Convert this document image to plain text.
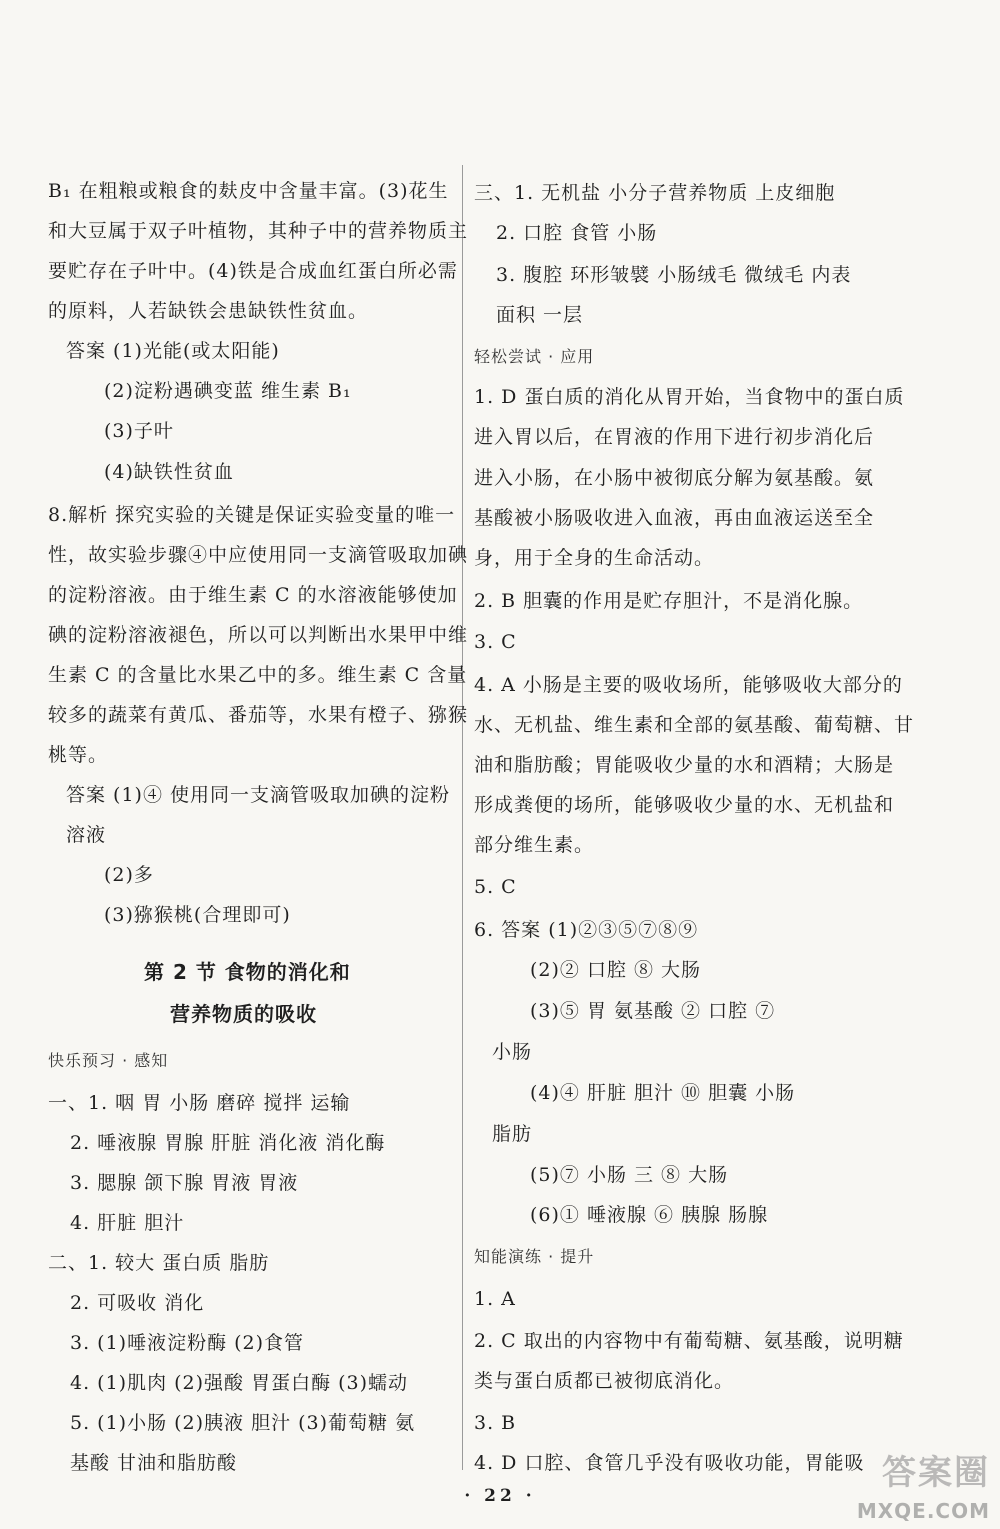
B₁ 在粗粮或粮食的麸皮中含量丰富。(3)花生
和大豆属于双子叶植物，其种子中的营养物质主
要贮存在子叶中。(4)铁是合成血红蛋白所必需
的原料，人若缺铁会患缺铁性贫血。
答案 (1)光能(或太阳能)
(2)淀粉遇碘变蓝 维生素 B₁
(3)子叶
(4)缺铁性贫血
8.解析 探究实验的关键是保证实验变量的唯一
性，故实验步骤④中应使用同一支滴管吸取加碘
的淀粉溶液。由于维生素 C 的水溶液能够使加
碘的淀粉溶液褪色，所以可以判断出水果甲中维
生素 C 的含量比水果乙中的多。维生素 C 含量
较多的蔬菜有黄瓜、番茄等，水果有橙子、猕猴
桃等。
答案 (1)④ 使用同一支滴管吸取加碘的淀粉
溶液
(2)多
(3)猕猴桃(合理即可)
第 2 节 食物的消化和
营养物质的吸收
快乐预习 · 感知
一、1. 咽 胃 小肠 磨碎 搅拌 运输
2. 唾液腺 胃腺 肝脏 消化液 消化酶
3. 腮腺 颌下腺 胃液 胃液
4. 肝脏 胆汁
二、1. 较大 蛋白质 脂肪
2. 可吸收 消化
3. (1)唾液淀粉酶 (2)食管
4. (1)肌肉 (2)强酸 胃蛋白酶 (3)蠕动
5. (1)小肠 (2)胰液 胆汁 (3)葡萄糖 氨
基酸 甘油和脂肪酸
三、1. 无机盐 小分子营养物质 上皮细胞
2. 口腔 食管 小肠
3. 腹腔 环形皱襞 小肠绒毛 微绒毛 内表
面积 一层
轻松尝试 · 应用
1. D 蛋白质的消化从胃开始，当食物中的蛋白质
进入胃以后，在胃液的作用下进行初步消化后
进入小肠，在小肠中被彻底分解为氨基酸。氨
基酸被小肠吸收进入血液，再由血液运送至全
身，用于全身的生命活动。
2. B 胆囊的作用是贮存胆汁，不是消化腺。
3. C
4. A 小肠是主要的吸收场所，能够吸收大部分的
水、无机盐、维生素和全部的氨基酸、葡萄糖、甘
油和脂肪酸；胃能吸收少量的水和酒精；大肠是
形成粪便的场所，能够吸收少量的水、无机盐和
部分维生素。
5. C
6. 答案 (1)②③⑤⑦⑧⑨
(2)② 口腔 ⑧ 大肠
(3)⑤ 胃 氨基酸 ② 口腔 ⑦
小肠
(4)④ 肝脏 胆汁 ⑩ 胆囊 小肠
脂肪
(5)⑦ 小肠 三 ⑧ 大肠
(6)① 唾液腺 ⑥ 胰腺 肠腺
知能演练 · 提升
1. A
2. C 取出的内容物中有葡萄糖、氨基酸，说明糖
类与蛋白质都已被彻底消化。
3. B
4. D 口腔、食管几乎没有吸收功能，胃能吸
· 22 ·
答案圈
MXQE.COM
